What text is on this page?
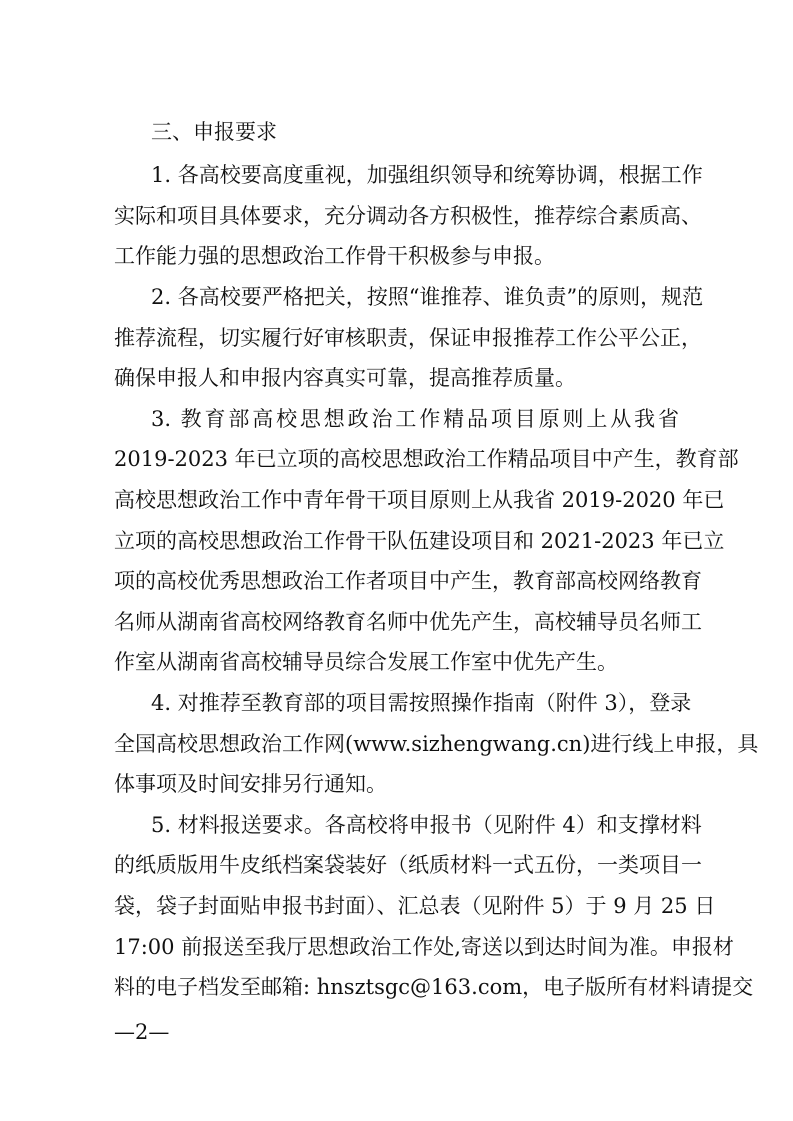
三、申报要求
1. 各高校要高度重视，加强组织领导和统筹协调，根据工作
实际和项目具体要求，充分调动各方积极性，推荐综合素质高、
工作能力强的思想政治工作骨干积极参与申报。
2. 各高校要严格把关，按照“谁推荐、谁负责”的原则，规范
推荐流程，切实履行好审核职责，保证申报推荐工作公平公正，
确保申报人和申报内容真实可靠，提高推荐质量。
3. 教育部高校思想政治工作精品项目原则上从我省
2019-2023 年已立项的高校思想政治工作精品项目中产生，教育部
高校思想政治工作中青年骨干项目原则上从我省 2019-2020 年已
立项的高校思想政治工作骨干队伍建设项目和 2021-2023 年已立
项的高校优秀思想政治工作者项目中产生，教育部高校网络教育
名师从湖南省高校网络教育名师中优先产生，高校辅导员名师工
作室从湖南省高校辅导员综合发展工作室中优先产生。
4. 对推荐至教育部的项目需按照操作指南（附件 3），登录
全国高校思想政治工作网(www.sizhengwang.cn)进行线上申报，具
体事项及时间安排另行通知。
5. 材料报送要求。各高校将申报书（见附件 4）和支撑材料
的纸质版用牛皮纸档案袋装好（纸质材料一式五份，一类项目一
袋，袋子封面贴申报书封面）、汇总表（见附件 5）于 9 月 25 日
17:00 前报送至我厅思想政治工作处,寄送以到达时间为准。申报材
料的电子档发至邮箱: hnsztsgc@163.com，电子版所有材料请提交
—2—
